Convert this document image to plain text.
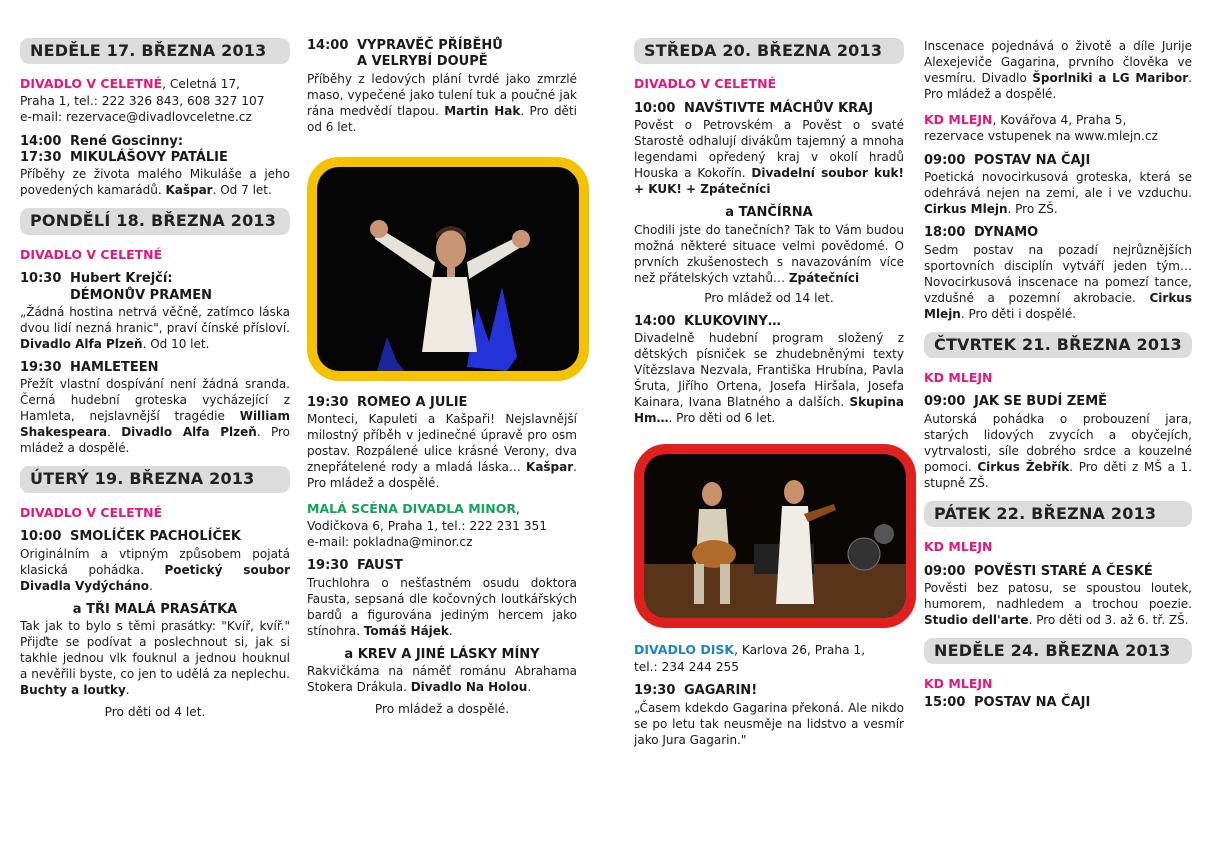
NEDĚLE 17. BŘEZNA 2013
DIVADLO V CELETNÉ, Celetná 17,
Praha 1, tel.: 222 326 843, 608 327 107
e-mail: rezervace@divadlovceletne.cz
14:00 René Goscinny:
17:30 MIKULÁŠOVY PATÁLIE
Příběhy ze života malého Mikuláše a jeho povedených kamarádů. Kašpar. Od 7 let.
PONDĚLÍ 18. BŘEZNA 2013
DIVADLO V CELETNÉ
10:30 Hubert Krejčí:
DÉMONŮV PRAMEN
„Žádná hostina netrvá věčně, zatímco láska dvou lidí nezná hranic", praví čínské přísloví. Divadlo Alfa Plzeň. Od 10 let.
19:30 HAMLETEEN
Přežít vlastní dospívání není žádná sranda. Černá hudební groteska vycházející z Hamleta, nejslavnější tragédie William Shakespeara. Divadlo Alfa Plzeň. Pro mládež a dospělé.
ÚTERÝ 19. BŘEZNA 2013
DIVADLO V CELETNÉ
10:00 SMOLÍČEK PACHOLÍČEK
Originálním a vtipným způsobem pojatá klasická pohádka. Poetický soubor Divadla Vydýcháno.
a TŘI MALÁ PRASÁTKA
Tak jak to bylo s těmi prasátky: "Kvíř, kvíř." Přijďte se podívat a poslechnout si, jak si takhle jednou vlk fouknul a jednou houknul a nevěřili byste, co jen to udělá za neplechu. Buchty a loutky.
Pro děti od 4 let.
14:00 VYPRAVĚČ PŘÍBĚHŮ
A VELRYBÍ DOUPĚ
Příběhy z ledových plání tvrdé jako zmrzlé maso, vypečené jako tulení tuk a poučné jak rána medvědí tlapou. Martin Hak. Pro děti od 6 let.
19:30 ROMEO A JULIE
Monteci, Kapuleti a Kašpaři! Nejslavnější milostný příběh v jedinečné úpravě pro osm postav. Rozpálené ulice krásné Verony, dva znepřátelené rody a mladá láska… Kašpar. Pro mládež a dospělé.
MALÁ SCÉNA DIVADLA MINOR,
Vodičkova 6, Praha 1, tel.: 222 231 351
e-mail: pokladna@minor.cz
19:30 FAUST
Truchlohra o nešťastném osudu doktora Fausta, sepsaná dle kočovných loutkářských bardů a figurována jediným hercem jako stínohra. Tomáš Hájek.
a KREV A JINÉ LÁSKY MÍNY
Rakvičkáma na náměť románu Abrahama Stokera Drákula. Divadlo Na Holou.
Pro mládež a dospělé.
STŘEDA 20. BŘEZNA 2013
DIVADLO V CELETNÉ
10:00 NAVŠTIVTE MÁCHŮV KRAJ
Pověst o Petrovském a Pověst o svaté Starostě odhalují divákům tajemný a mnoha legendami opředený kraj v okolí hradů Houska a Kokořín. Divadelní soubor kuk! + KUK! + Zpátečníci
a TANČÍRNA
Chodili jste do tanečních? Tak to Vám budou možná některé situace velmi povědomé. O prvních zkušenostech s navazováním více než přátelských vztahů… Zpátečníci
Pro mládež od 14 let.
14:00 KLUKOVINY…
Divadelně hudební program složený z dětských písniček se zhudebněnými texty Vítězslava Nezvala, Františka Hrubína, Pavla Šruta, Jiřího Ortena, Josefa Hiršala, Josefa Kainara, Ivana Blatného a dalších. Skupina Hm…. Pro děti od 6 let.
DIVADLO DISK, Karlova 26, Praha 1,
tel.: 234 244 255
19:30 GAGARIN!
„Časem kdekdo Gagarina překoná. Ale nikdo se po letu tak neusměje na lidstvo a vesmír jako Jura Gagarin."
Inscenace pojednává o životě a díle Jurije Alexejeviče Gagarina, prvního člověka ve vesmíru. Divadlo Šporlniki a LG Maribor. Pro mládež a dospělé.
KD MLEJN, Kovářova 4, Praha 5,
rezervace vstupenek na www.mlejn.cz
09:00 POSTAV NA ČAJI
Poetická novocirkusová groteska, která se odehrává nejen na zemi, ale i ve vzduchu. Cirkus Mlejn. Pro ZŠ.
18:00 DYNAMO
Sedm postav na pozadí nejrůznějších sportovních disciplín vytváří jeden tým… Novocirkusová inscenace na pomezí tance, vzdušné a pozemní akrobacie. Cirkus Mlejn. Pro děti i dospělé.
ČTVRTEK 21. BŘEZNA 2013
KD MLEJN
09:00 JAK SE BUDÍ ZEMĚ
Autorská pohádka o probouzení jara, starých lidových zvycích a obyčejích, vytrvalosti, síle dobrého srdce a kouzelné pomoci. Cirkus Žebřík. Pro děti z MŠ a 1. stupně ZŠ.
PÁTEK 22. BŘEZNA 2013
KD MLEJN
09:00 POVĚSTI STARÉ A ČESKÉ
Pověsti bez patosu, se spoustou loutek, humorem, nadhledem a trochou poezie. Studio dell'arte. Pro děti od 3. až 6. tř. ZŠ.
NEDĚLE 24. BŘEZNA 2013
KD MLEJN
15:00 POSTAV NA ČAJI
